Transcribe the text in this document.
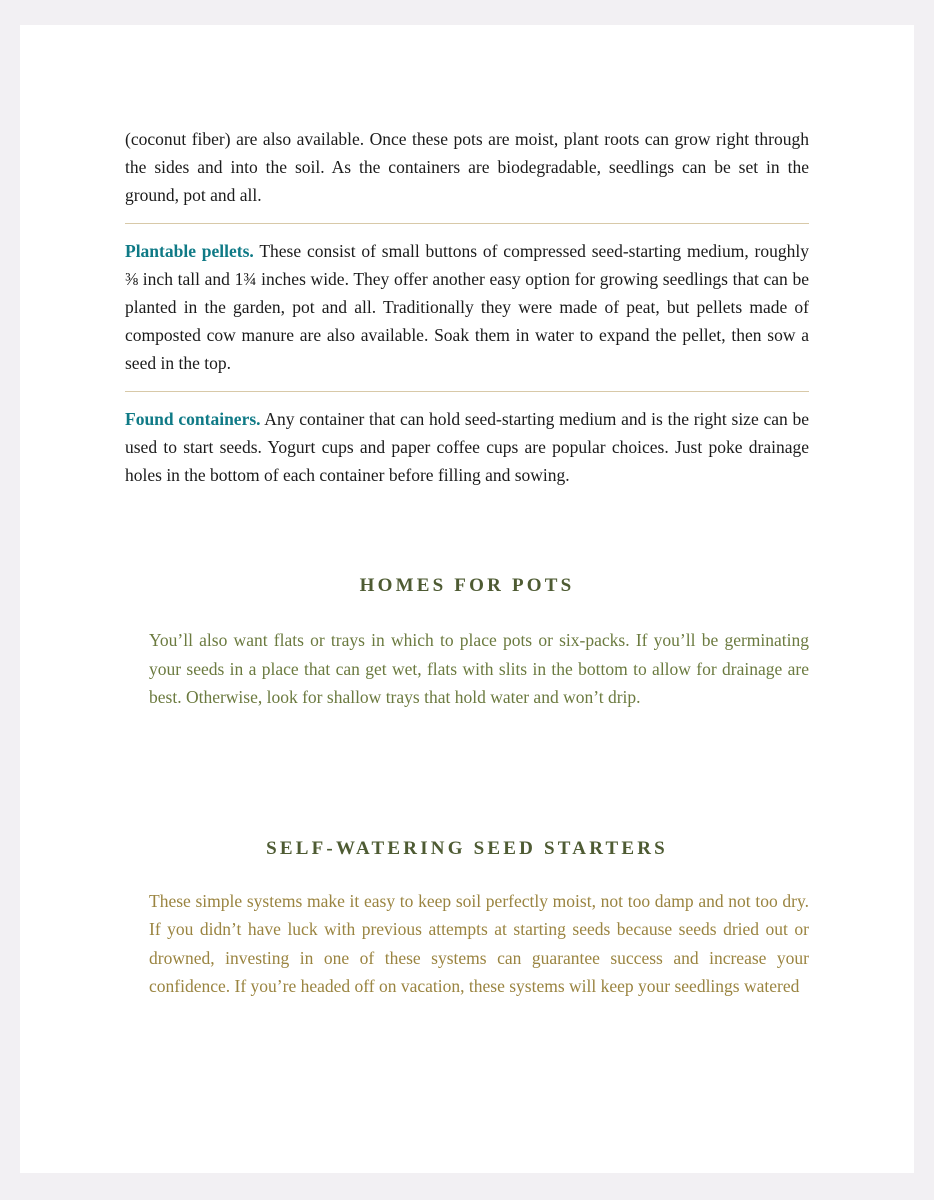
(coconut fiber) are also available. Once these pots are moist, plant roots can grow right through the sides and into the soil. As the containers are biodegradable, seedlings can be set in the ground, pot and all.

Plantable pellets. These consist of small buttons of compressed seed-starting medium, roughly ⅜ inch tall and 1¾ inches wide. They offer another easy option for growing seedlings that can be planted in the garden, pot and all. Traditionally they were made of peat, but pellets made of composted cow manure are also available. Soak them in water to expand the pellet, then sow a seed in the top.

Found containers. Any container that can hold seed-starting medium and is the right size can be used to start seeds. Yogurt cups and paper coffee cups are popular choices. Just poke drainage holes in the bottom of each container before filling and sowing.

HOMES FOR POTS

You’ll also want flats or trays in which to place pots or six-packs. If you’ll be germinating your seeds in a place that can get wet, flats with slits in the bottom to allow for drainage are best. Otherwise, look for shallow trays that hold water and won’t drip.

SELF-WATERING SEED STARTERS

These simple systems make it easy to keep soil perfectly moist, not too damp and not too dry. If you didn’t have luck with previous attempts at starting seeds because seeds dried out or drowned, investing in one of these systems can guarantee success and increase your confidence. If you’re headed off on vacation, these systems will keep your seedlings watered
